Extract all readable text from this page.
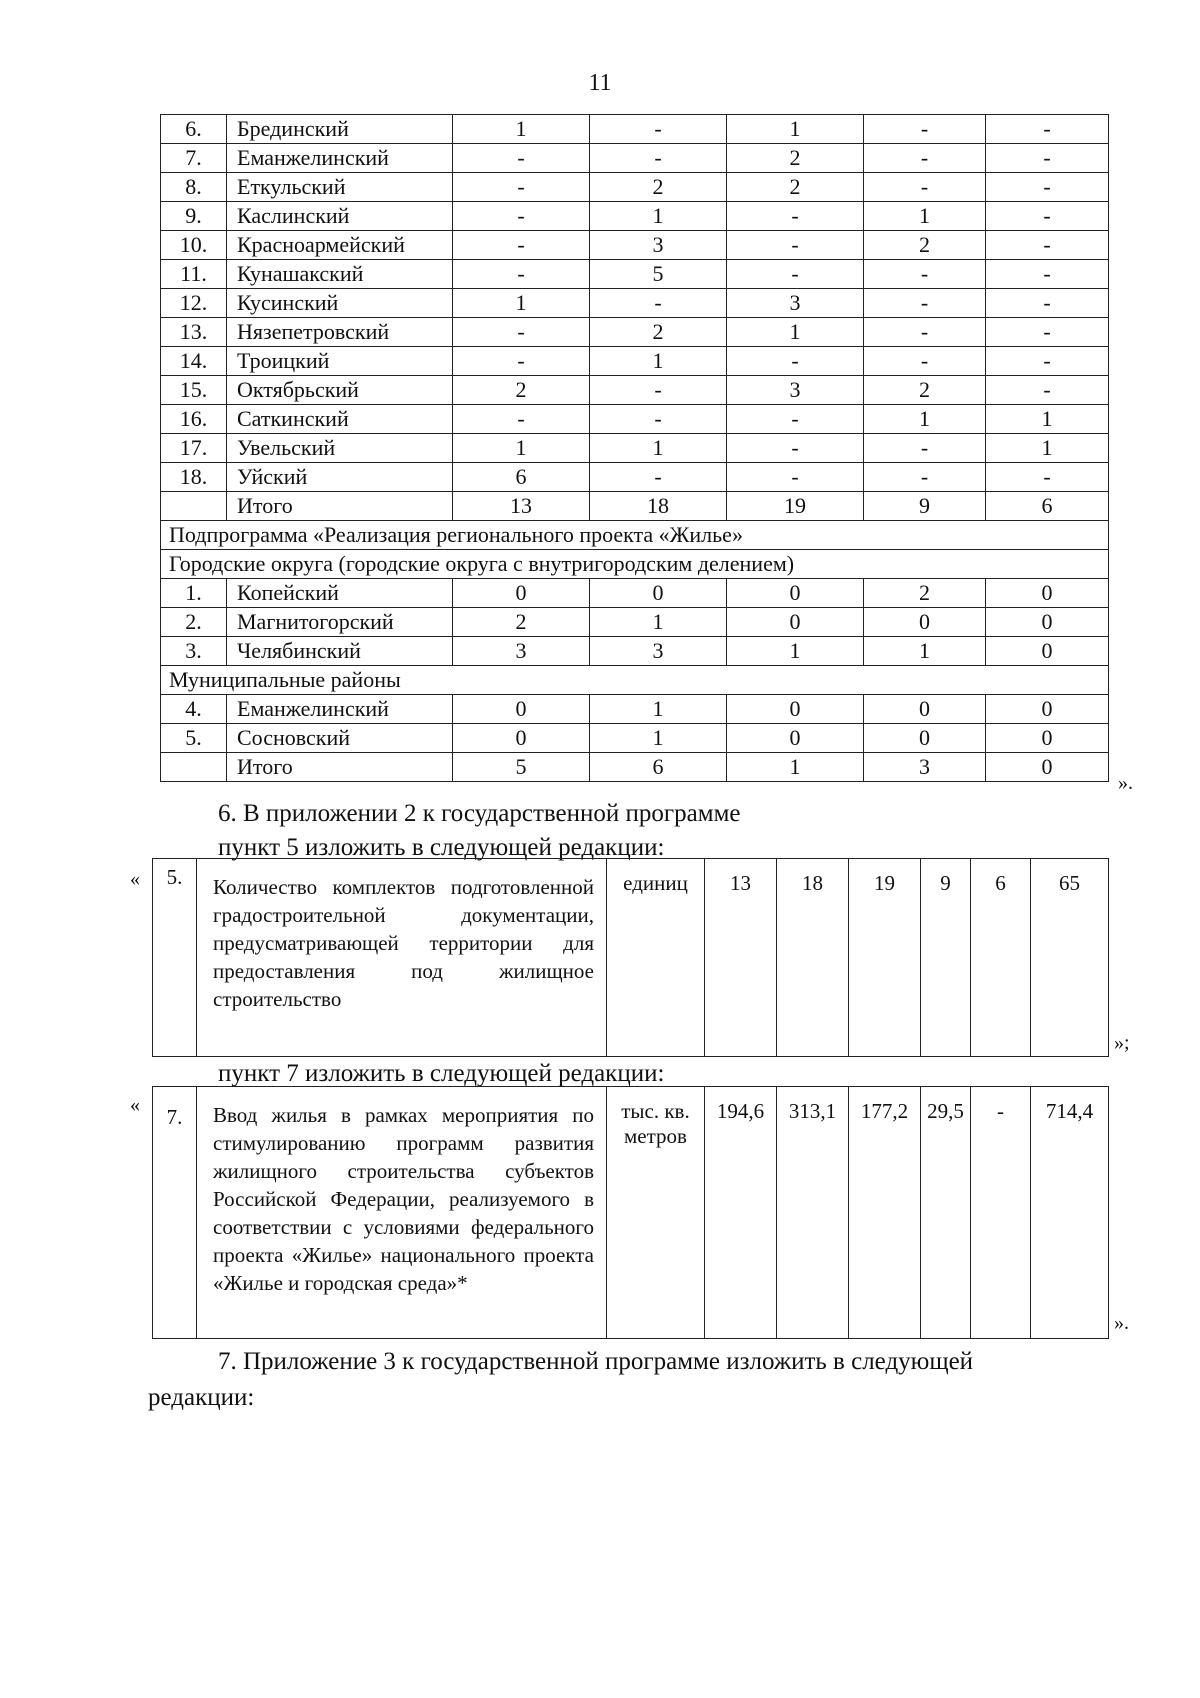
11
6.	Брединский	1	-	1	-	-
7.	Еманжелинский	-	-	2	-	-
8.	Еткульский	-	2	2	-	-
9.	Каслинский	-	1	-	1	-
10.	Красноармейский	-	3	-	2	-
11.	Кунашакский	-	5	-	-	-
12.	Кусинский	1	-	3	-	-
13.	Нязепетровский	-	2	1	-	-
14.	Троицкий	-	1	-	-	-
15.	Октябрьский	2	-	3	2	-
16.	Саткинский	-	-	-	1	1
17.	Увельский	1	1	-	-	1
18.	Уйский	6	-	-	-	-
	Итого	13	18	19	9	6
Подпрограмма «Реализация регионального проекта «Жилье»						
Городские округа (городские округа с внутригородским делением)						
1.	Копейский	0	0	0	2	0
2.	Магнитогорский	2	1	0	0	0
3.	Челябинский	3	3	1	1	0
Муниципальные районы						
4.	Еманжелинский	0	1	0	0	0
5.	Сосновский	0	1	0	0	0
	Итого	5	6	1	3	0
».
6. В приложении 2 к государственной программе
пункт 5 изложить в следующей редакции:
« 5.	Количество комплектов подготовленной градостроительной документации, предусматривающей территории для предоставления под жилищное строительство	единиц	13	18	19	9	6	65
»;
пункт 7 изложить в следующей редакции:
« 7.	Ввод жилья в рамках мероприятия по стимулированию программ развития жилищного строительства субъектов Российской Федерации, реализуемого в соответствии с условиями федерального проекта «Жилье» национального проекта «Жилье и городская среда»*	тыс. кв. метров	194,6	313,1	177,2	29,5	-	714,4
».
7. Приложение 3 к государственной программе изложить в следующей
редакции:
